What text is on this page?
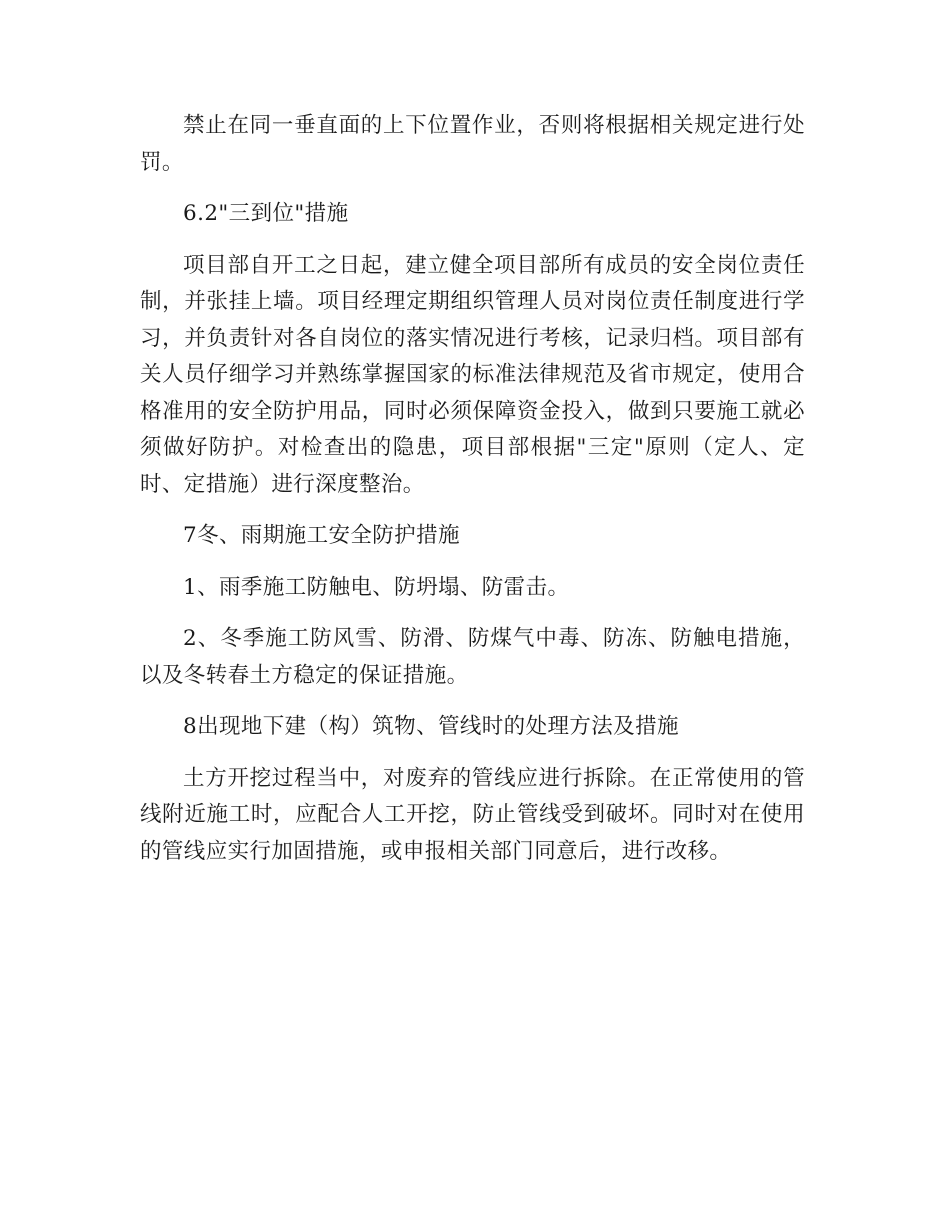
禁止在同一垂直面的上下位置作业，否则将根据相关规定进行处罚。

6.2"三到位"措施

项目部自开工之日起，建立健全项目部所有成员的安全岗位责任制，并张挂上墙。项目经理定期组织管理人员对岗位责任制度进行学习，并负责针对各自岗位的落实情况进行考核，记录归档。项目部有关人员仔细学习并熟练掌握国家的标准法律规范及省市规定，使用合格准用的安全防护用品，同时必须保障资金投入，做到只要施工就必须做好防护。对检查出的隐患，项目部根据"三定"原则（定人、定时、定措施）进行深度整治。

7冬、雨期施工安全防护措施

1、雨季施工防触电、防坍塌、防雷击。

2、冬季施工防风雪、防滑、防煤气中毒、防冻、防触电措施，以及冬转春土方稳定的保证措施。

8出现地下建（构）筑物、管线时的处理方法及措施

土方开挖过程当中，对废弃的管线应进行拆除。在正常使用的管线附近施工时，应配合人工开挖，防止管线受到破坏。同时对在使用的管线应实行加固措施，或申报相关部门同意后，进行改移。
